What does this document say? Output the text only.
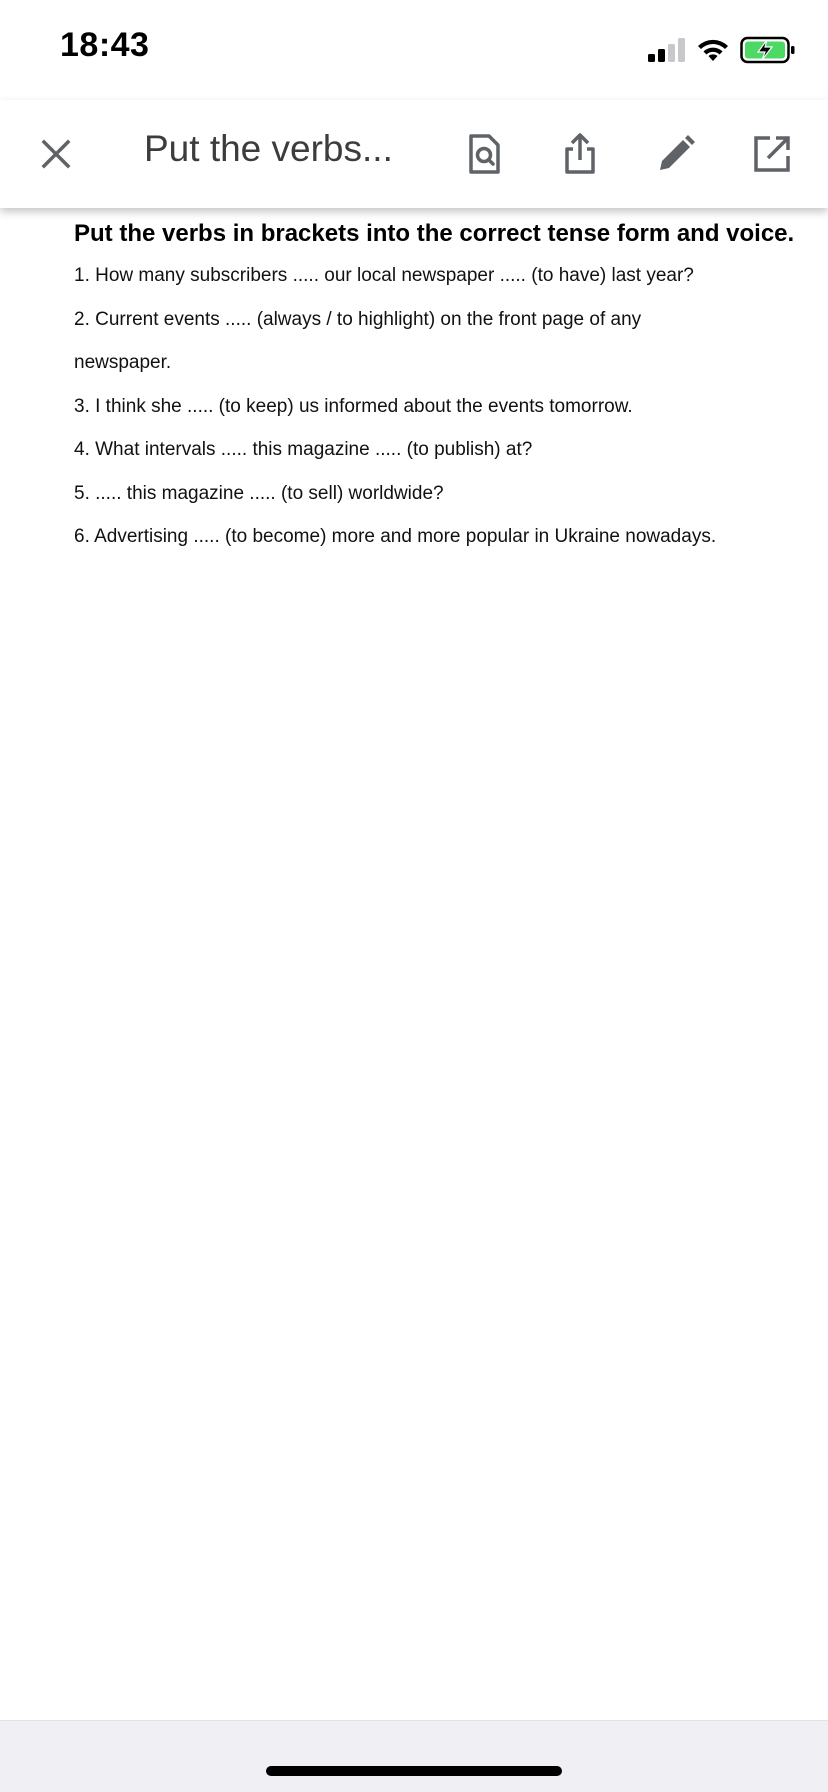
18:43
Put the verbs...
Put the verbs in brackets into the correct tense form and voice.
1. How many subscribers ..... our local newspaper ..... (to have) last year?
2. Current events ..... (always / to highlight) on the front page of any
newspaper.
3. I think she ..... (to keep) us informed about the events tomorrow.
4. What intervals ..... this magazine ..... (to publish) at?
5. ..... this magazine ..... (to sell) worldwide?
6. Advertising ..... (to become) more and more popular in Ukraine nowadays.
